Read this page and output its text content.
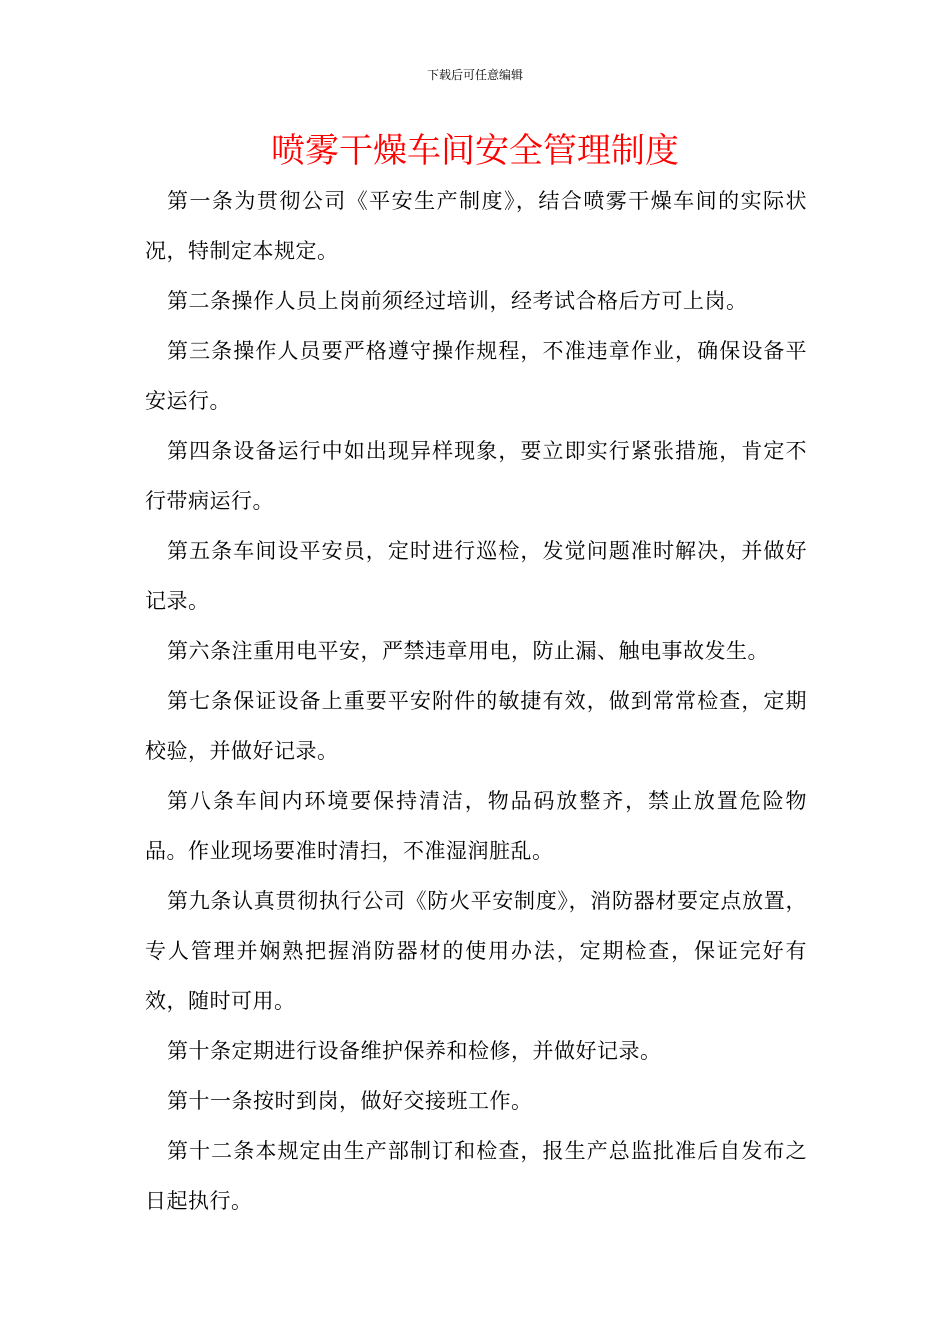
下载后可任意编辑
喷雾干燥车间安全管理制度

第一条为贯彻公司《平安生产制度》，结合喷雾干燥车间的实际状况，特制定本规定。

第二条操作人员上岗前须经过培训，经考试合格后方可上岗。

第三条操作人员要严格遵守操作规程，不准违章作业，确保设备平安运行。

第四条设备运行中如出现异样现象，要立即实行紧张措施，肯定不行带病运行。

第五条车间设平安员，定时进行巡检，发觉问题准时解决，并做好记录。

第六条注重用电平安，严禁违章用电，防止漏、触电事故发生。

第七条保证设备上重要平安附件的敏捷有效，做到常常检查，定期校验，并做好记录。

第八条车间内环境要保持清洁，物品码放整齐，禁止放置危险物品。作业现场要准时清扫，不准湿润脏乱。

第九条认真贯彻执行公司《防火平安制度》，消防器材要定点放置，专人管理并娴熟把握消防器材的使用办法，定期检查，保证完好有效，随时可用。

第十条定期进行设备维护保养和检修，并做好记录。

第十一条按时到岗，做好交接班工作。

第十二条本规定由生产部制订和检查，报生产总监批准后自发布之日起执行。
